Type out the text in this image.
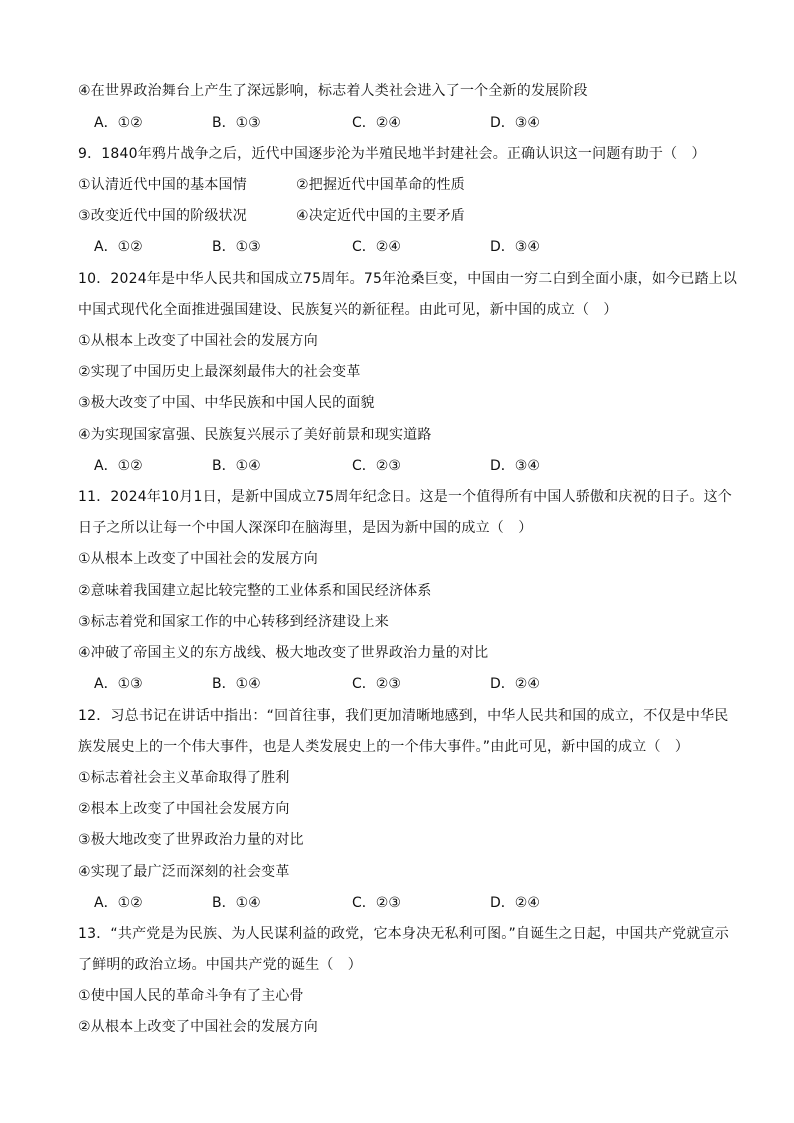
④在世界政治舞台上产生了深远影响，标志着人类社会进入了一个全新的发展阶段
A．①②	B．①③	C．②④	D．③④
9．1840年鸦片战争之后，近代中国逐步沦为半殖民地半封建社会。正确认识这一问题有助于（　）
①认清近代中国的基本国情	②把握近代中国革命的性质
③改变近代中国的阶级状况	④决定近代中国的主要矛盾
A．①②	B．①③	C．②④	D．③④
10．2024年是中华人民共和国成立75周年。75年沧桑巨变，中国由一穷二白到全面小康，如今已踏上以
中国式现代化全面推进强国建设、民族复兴的新征程。由此可见，新中国的成立（　）
①从根本上改变了中国社会的发展方向
②实现了中国历史上最深刻最伟大的社会变革
③极大改变了中国、中华民族和中国人民的面貌
④为实现国家富强、民族复兴展示了美好前景和现实道路
A．①②	B．①④	C．②③	D．③④
11．2024年10月1日，是新中国成立75周年纪念日。这是一个值得所有中国人骄傲和庆祝的日子。这个
日子之所以让每一个中国人深深印在脑海里，是因为新中国的成立（　）
①从根本上改变了中国社会的发展方向
②意味着我国建立起比较完整的工业体系和国民经济体系
③标志着党和国家工作的中心转移到经济建设上来
④冲破了帝国主义的东方战线、极大地改变了世界政治力量的对比
A．①③	B．①④	C．②③	D．②④
12．习总书记在讲话中指出：“回首往事，我们更加清晰地感到，中华人民共和国的成立，不仅是中华民
族发展史上的一个伟大事件，也是人类发展史上的一个伟大事件。”由此可见，新中国的成立（　）
①标志着社会主义革命取得了胜利
②根本上改变了中国社会发展方向
③极大地改变了世界政治力量的对比
④实现了最广泛而深刻的社会变革
A．①②	B．①④	C．②③	D．②④
13．“共产党是为民族、为人民谋利益的政党，它本身决无私利可图。”自诞生之日起，中国共产党就宣示
了鲜明的政治立场。中国共产党的诞生（　）
①使中国人民的革命斗争有了主心骨
②从根本上改变了中国社会的发展方向
